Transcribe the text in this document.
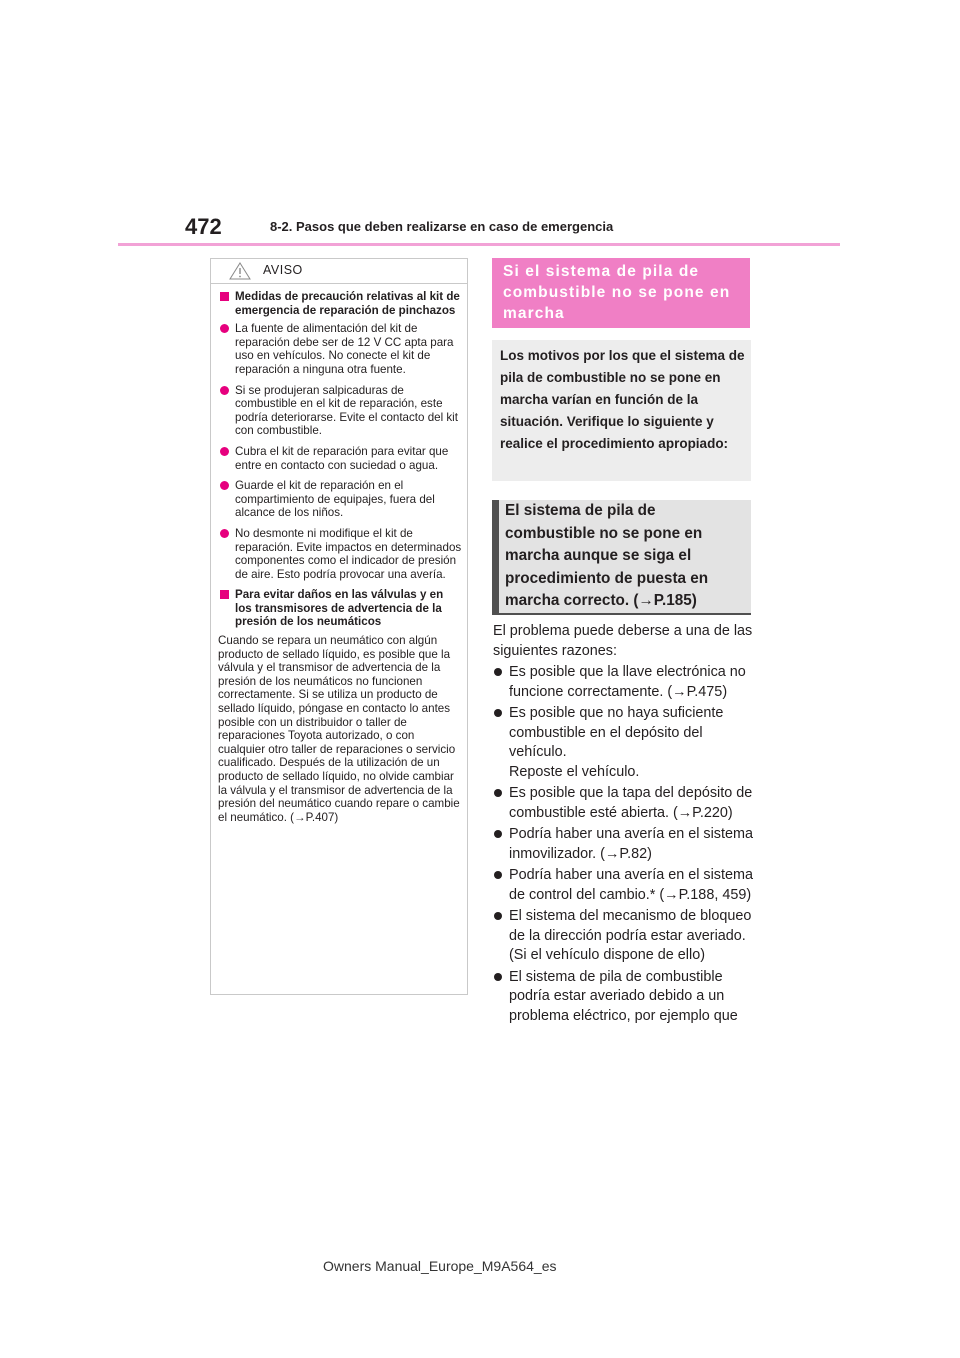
472	8-2. Pasos que deben realizarse en caso de emergencia
AVISO
Medidas de precaución relativas al kit de emergencia de reparación de pinchazos
La fuente de alimentación del kit de reparación debe ser de 12 V CC apta para uso en vehículos. No conecte el kit de reparación a ninguna otra fuente.
Si se produjeran salpicaduras de combustible en el kit de reparación, este podría deteriorarse. Evite el contacto del kit con combustible.
Cubra el kit de reparación para evitar que entre en contacto con suciedad o agua.
Guarde el kit de reparación en el compartimiento de equipajes, fuera del alcance de los niños.
No desmonte ni modifique el kit de reparación. Evite impactos en determinados componentes como el indicador de presión de aire. Esto podría provocar una avería.
Para evitar daños en las válvulas y en los transmisores de advertencia de la presión de los neumáticos

Cuando se repara un neumático con algún producto de sellado líquido, es posible que la válvula y el transmisor de advertencia de la presión de los neumáticos no funcionen correctamente. Si se utiliza un producto de sellado líquido, póngase en contacto lo antes posible con un distribuidor o taller de reparaciones Toyota autorizado, o con cualquier otro taller de reparaciones o servicio cualificado. Después de la utilización de un producto de sellado líquido, no olvide cambiar la válvula y el transmisor de advertencia de la presión del neumático cuando repare o cambie el neumático. (→P.407)

Si el sistema de pila de combustible no se pone en marcha
Los motivos por los que el sistema de pila de combustible no se pone en marcha varían en función de la situación. Verifique lo siguiente y realice el procedimiento apropiado:
El sistema de pila de combustible no se pone en marcha aunque se siga el procedimiento de puesta en marcha correcto. (→P.185)

El problema puede deberse a una de las siguientes razones:

Es posible que la llave electrónica no funcione correctamente. (→P.475)
Es posible que no haya suficiente combustible en el depósito del vehículo.
Reposte el vehículo.
Es posible que la tapa del depósito de combustible esté abierta. (→P.220)
Podría haber una avería en el sistema inmovilizador. (→P.82)
Podría haber una avería en el sistema de control del cambio.* (→P.188, 459)
El sistema del mecanismo de bloqueo de la dirección podría estar averiado. (Si el vehículo dispone de ello)
El sistema de pila de combustible podría estar averiado debido a un problema eléctrico, por ejemplo que
Owners Manual_Europe_M9A564_es
